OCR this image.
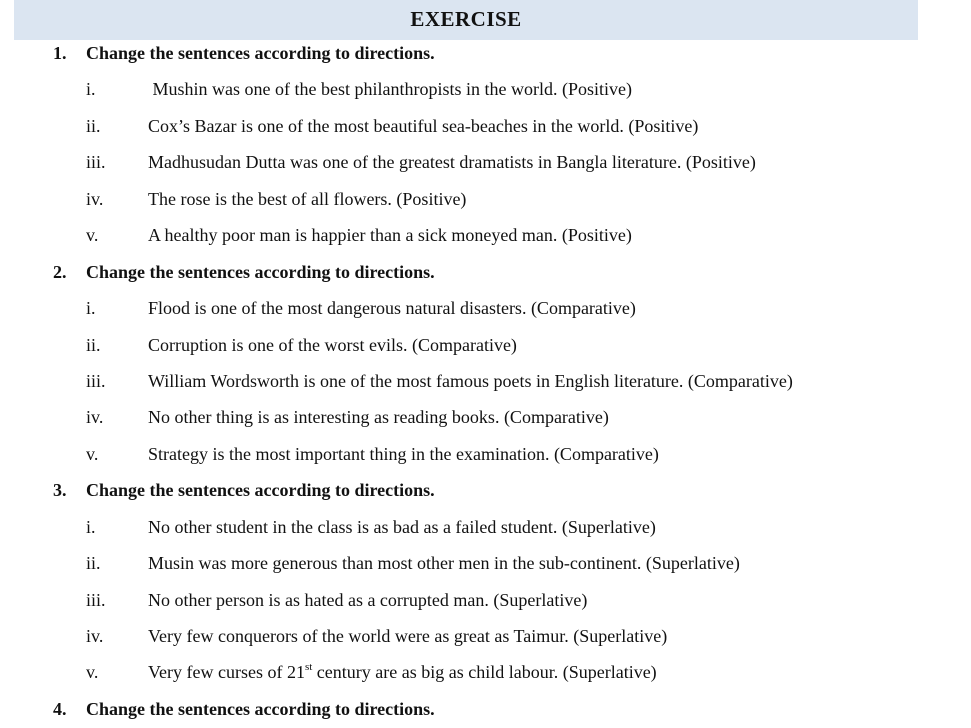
EXERCISE
1. Change the sentences according to directions.
i.	Mushin was one of the best philanthropists in the world. (Positive)
ii.	Cox’s Bazar is one of the most beautiful sea-beaches in the world. (Positive)
iii. Madhusudan Dutta was one of the greatest dramatists in Bangla literature. (Positive)
iv. The rose is the best of all flowers. (Positive)
v.	A healthy poor man is happier than a sick moneyed man. (Positive)
2. Change the sentences according to directions.
i.	Flood is one of the most dangerous natural disasters. (Comparative)
ii.	Corruption is one of the worst evils. (Comparative)
iii. William Wordsworth is one of the most famous poets in English literature. (Comparative)
iv. No other thing is as interesting as reading books. (Comparative)
v.	Strategy is the most important thing in the examination. (Comparative)
3. Change the sentences according to directions.
i.	No other student in the class is as bad as a failed student. (Superlative)
ii.	Musin was more generous than most other men in the sub-continent. (Superlative)
iii. No other person is as hated as a corrupted man. (Superlative)
iv. Very few conquerors of the world were as great as Taimur. (Superlative)
v.	Very few curses of 21st century are as big as child labour. (Superlative)
4. Change the sentences according to directions.
